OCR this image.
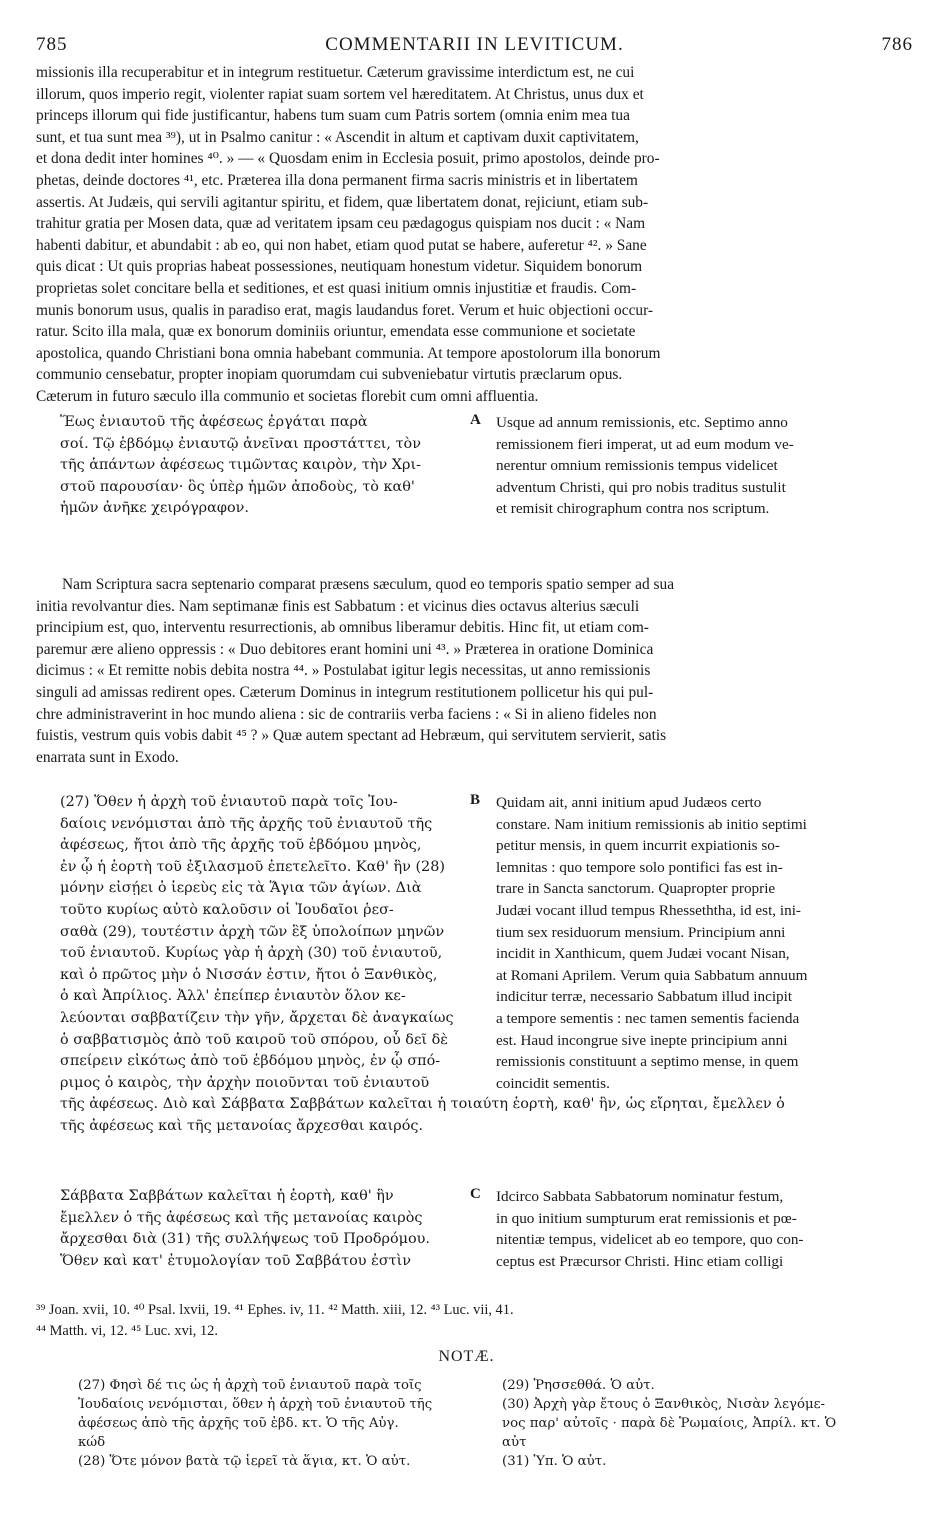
785	COMMENTARII IN LEVITICUM.	786
missionis illa recuperabitur et in integrum restituetur. Cæterum gravissime interdictum est, ne cui
illorum, quos imperio regit, violenter rapiat suam sortem vel hæreditatem. At Christus, unus dux et
princeps illorum qui fide justificantur, habens tum suam cum Patris sortem (omnia enim mea tua
sunt, et tua sunt mea ³⁹), ut in Psalmo canitur : « Ascendit in altum et captivam duxit captivitatem,
et dona dedit inter homines ⁴⁰. » — « Quosdam enim in Ecclesia posuit, primo apostolos, deinde pro-
phetas, deinde doctores ⁴¹, etc. Præterea illa dona permanent firma sacris ministris et in libertatem
assertis. At Judæis, qui servili agitantur spiritu, et fidem, quæ libertatem donat, rejiciunt, etiam sub-
trahitur gratia per Mosen data, quæ ad veritatem ipsam ceu pædagogus quispiam nos ducit : « Nam
habenti dabitur, et abundabit : ab eo, qui non habet, etiam quod putat se habere, auferetur ⁴². » Sane
quis dicat : Ut quis proprias habeat possessiones, neutiquam honestum videtur. Siquidem bonorum
proprietas solet concitare bella et seditiones, et est quasi initium omnis injustitiæ et fraudis. Com-
munis bonorum usus, qualis in paradiso erat, magis laudandus foret. Verum et huic objectioni occur-
ratur. Scito illa mala, quæ ex bonorum dominiis oriuntur, emendata esse communione et societate
apostolica, quando Christiani bona omnia habebant communia. At tempore apostolorum illa bonorum
communio censebatur, propter inopiam quorumdam cui subveniebatur virtutis præclarum opus.
Cæterum in futuro sæculo illa communio et societas florebit cum omni affluentia.
Ἕως ἐνιαυτοῦ τῆς ἀφέσεως ἐργάται παρὰ
σοί. Τῷ ἑβδόμῳ ἐνιαυτῷ ἀνεῖναι προστάττει, τὸν
τῆς ἁπάντων ἀφέσεως τιμῶντας καιρὸν, τὴν Χρι-
στοῦ παρουσίαν· ὃς ὑπὲρ ἡμῶν ἀποδοὺς, τὸ καθ'
ἡμῶν ἀνῆκε χειρόγραφον.
A Usque ad annum remissionis, etc. Septimo anno
remissionem fieri imperat, ut ad eum modum ve-
nerentur omnium remissionis tempus videlicet
adventum Christi, qui pro nobis traditus sustulit
et remisit chirographum contra nos scriptum.
Nam Scriptura sacra septenario comparat præsens sæculum, quod eo temporis spatio semper ad sua
initia revolvantur dies. Nam septimanæ finis est Sabbatum : et vicinus dies octavus alterius sæculi
principium est, quo, interventu resurrectionis, ab omnibus liberamur debitis. Hinc fit, ut etiam com-
paremur ære alieno oppressis : « Duo debitores erant homini uni ⁴³. » Præterea in oratione Dominica
dicimus : « Et remitte nobis debita nostra ⁴⁴. » Postulabat igitur legis necessitas, ut anno remissionis
singuli ad amissas redirent opes. Cæterum Dominus in integrum restitutionem pollicetur his qui pul-
chre administraverint in hoc mundo aliena : sic de contrariis verba faciens : « Si in alieno fideles non
fuistis, vestrum quis vobis dabit ⁴⁵ ? » Quæ autem spectant ad Hebræum, qui servitutem servierit, satis
enarrata sunt in Exodo.
(27) Ὅθεν ἡ ἀρχὴ τοῦ ἐνιαυτοῦ παρὰ τοῖς Ἰου-
δαίοις νενόμισται ἀπὸ τῆς ἀρχῆς τοῦ ἐνιαυτοῦ τῆς
ἀφέσεως, ἤτοι ἀπὸ τῆς ἀρχῆς τοῦ ἑβδόμου μηνὸς,
ἐν ᾧ ἡ ἑορτὴ τοῦ ἐξιλασμοῦ ἐπετελεῖτο. Καθ' ἣν (28)
μόνην εἰσῄει ὁ ἱερεὺς εἰς τὰ Ἅγια τῶν ἁγίων. Διὰ
τοῦτο κυρίως αὐτὸ καλοῦσιν οἱ Ἰουδαῖοι ῥεσ-
σαθὰ (29), τουτέστιν ἀρχὴ τῶν ἓξ ὑπολοίπων μηνῶν
τοῦ ἐνιαυτοῦ. Κυρίως γὰρ ἡ ἀρχὴ (30) τοῦ ἐνιαυτοῦ,
καὶ ὁ πρῶτος μὴν ὁ Νισσάν ἐστιν, ἤτοι ὁ Ξανθικὸς,
ὁ καὶ Ἀπρίλιος. Ἀλλ' ἐπείπερ ἐνιαυτὸν ὅλον κε-
λεύονται σαββατίζειν τὴν γῆν, ἄρχεται δὲ ἀναγκαίως
ὁ σαββατισμὸς ἀπὸ τοῦ καιροῦ τοῦ σπόρου, οὗ δεῖ δὲ
σπείρειν εἰκότως ἀπὸ τοῦ ἑβδόμου μηνὸς, ἐν ᾧ σπό-
ριμος ὁ καιρὸς, τὴν ἀρχὴν ποιοῦνται τοῦ ἐνιαυτοῦ
B Quidam ait, anni initium apud Judæos certo
constare. Nam initium remissionis ab initio septimi
petitur mensis, in quem incurrit expiationis so-
lemnitas : quo tempore solo pontifici fas est in-
trare in Sancta sanctorum. Quapropter proprie
Judæi vocant illud tempus Rhesseththa, id est, ini-
tium sex residuorum mensium. Principium anni
incidit in Xanthicum, quem Judæi vocant Nisan,
at Romani Aprilem. Verum quia Sabbatum annuum
indicitur terræ, necessario Sabbatum illud incipit
a tempore sementis : nec tamen sementis facienda
est. Haud incongrue sive inepte principium anni
remissionis constituunt a septimo mense, in quem
coincidit sementis.
τῆς ἀφέσεως. Διὸ καὶ Σάββατα Σαββάτων καλεῖται ἡ τοιαύτη ἑορτὴ, καθ' ἣν, ὡς εἴρηται, ἔμελλεν ὁ
τῆς ἀφέσεως καὶ τῆς μετανοίας ἄρχεσθαι καιρός.
Σάββατα Σαββάτων καλεῖται ἡ ἑορτὴ, καθ' ἣν
ἔμελλεν ὁ τῆς ἀφέσεως καὶ τῆς μετανοίας καιρὸς
ἄρχεσθαι διὰ (31) τῆς συλλήψεως τοῦ Προδρόμου.
Ὅθεν καὶ κατ' ἐτυμολογίαν τοῦ Σαββάτου ἐστὶν
C Idcirco Sabbata Sabbatorum nominatur festum,
in quo initium sumpturum erat remissionis et pœ-
nitentiæ tempus, videlicet ab eo tempore, quo con-
ceptus est Præcursor Christi. Hinc etiam colligi
³⁹ Joan. xvii, 10. ⁴⁰ Psal. lxvii, 19. ⁴¹ Ephes. iv, 11. ⁴² Matth. xiii, 12. ⁴³ Luc. vii, 41.
⁴⁴ Matth. vi, 12. ⁴⁵ Luc. xvi, 12.
NOTÆ.
(27) Φησὶ δέ τις ὡς ἡ ἀρχὴ τοῦ ἐνιαυτοῦ παρὰ τοῖς
Ἰουδαίοις νενόμισται, ὅθεν ἡ ἀρχὴ τοῦ ἐνιαυτοῦ τῆς
ἀφέσεως ἀπὸ τῆς ἀρχῆς τοῦ ἑβδ. κτ. Ὁ τῆς Αὐγ.
κώδ
(28) Ὅτε μόνον βατὰ τῷ ἱερεῖ τὰ ἅγια, κτ. Ὁ αὐτ.
(29) Ῥησσεθθά. Ὁ αὐτ.
(30) Ἀρχὴ γὰρ ἔτους ὁ Ξανθικὸς, Νισὰν λεγόμε-
νος παρ' αὐτοῖς · παρὰ δὲ Ῥωμαίοις, Ἀπρίλ. κτ. Ὁ
αὐτ
(31) Ὑπ. Ὁ αὐτ.
